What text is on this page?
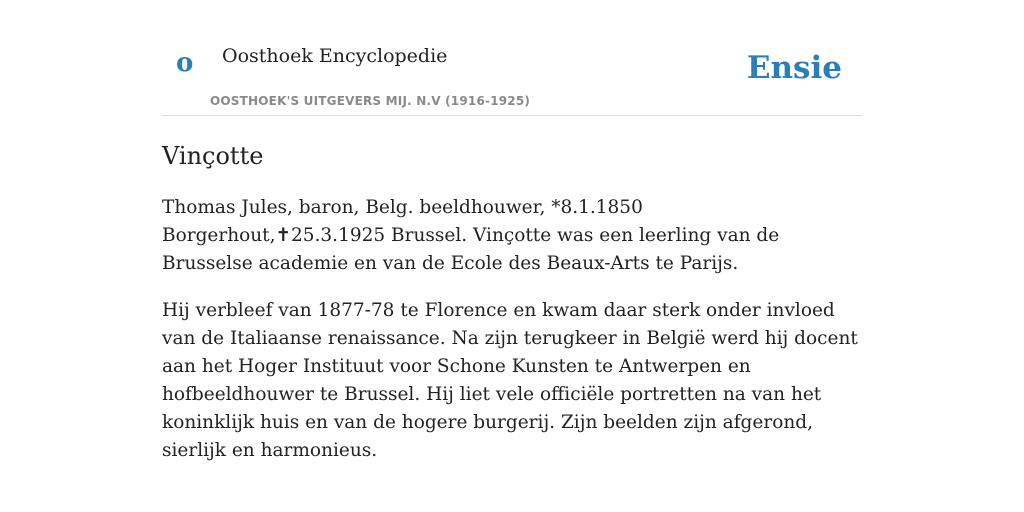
o Oosthoek Encyclopedie
OOSTHOEK'S UITGEVERS MIJ. N.V (1916-1925)
Ensie
Vinçotte

Thomas Jules, baron, Belg. beeldhouwer, *8.1.1850 Borgerhout,✝25.3.1925 Brussel. Vinçotte was een leerling van de Brusselse academie en van de Ecole des Beaux-Arts te Parijs.

Hij verbleef van 1877-78 te Florence en kwam daar sterk onder invloed van de Italiaanse renaissance. Na zijn terugkeer in België werd hij docent aan het Hoger Instituut voor Schone Kunsten te Antwerpen en hofbeeldhouwer te Brussel. Hij liet vele officiële portretten na van het koninklijk huis en van de hogere burgerij. Zijn beelden zijn afgerond, sierlijk en harmonieus.
